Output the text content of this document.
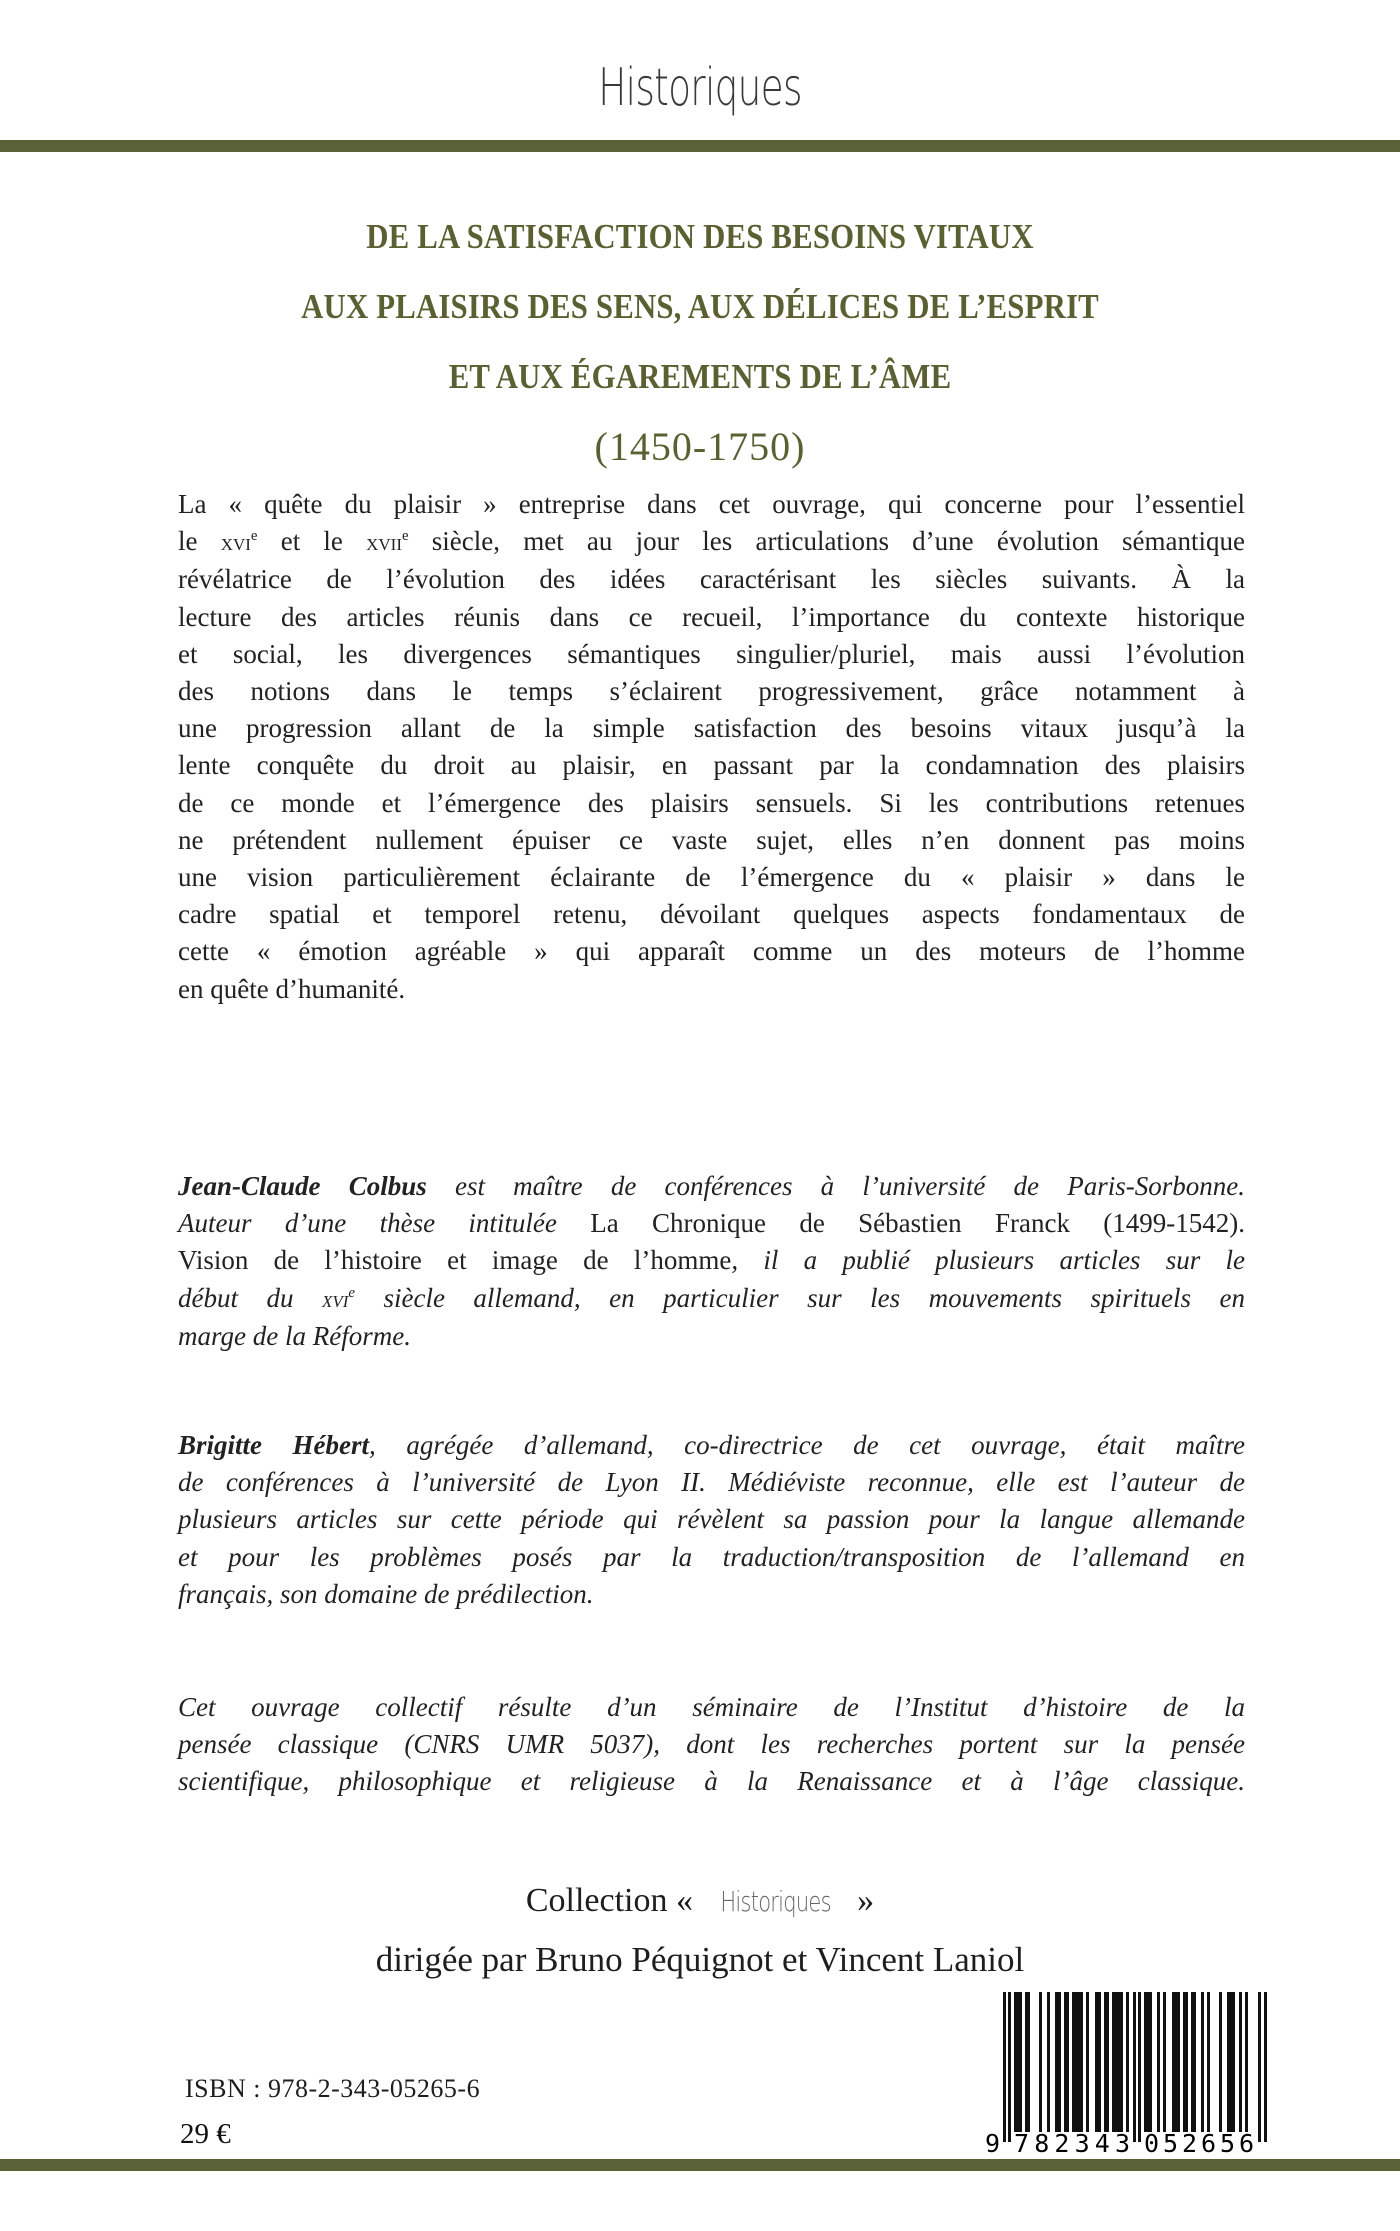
Historiques
DE LA SATISFACTION DES BESOINS VITAUX
AUX PLAISIRS DES SENS, AUX DÉLICES DE L’ESPRIT
ET AUX ÉGAREMENTS DE L’ÂME
(1450-1750)
La « quête du plaisir » entreprise dans cet ouvrage, qui concerne pour l’essentiel
le xvi$^e$ et le xvii$^e$ siècle, met au jour les articulations d’une évolution sémantique
révélatrice de l’évolution des idées caractérisant les siècles suivants. À la
lecture des articles réunis dans ce recueil, l’importance du contexte historique
et social, les divergences sémantiques singulier/pluriel, mais aussi l’évolution
des notions dans le temps s’éclairent progressivement, grâce notamment à
une progression allant de la simple satisfaction des besoins vitaux jusqu’à la
lente conquête du droit au plaisir, en passant par la condamnation des plaisirs
de ce monde et l’émergence des plaisirs sensuels. Si les contributions retenues
ne prétendent nullement épuiser ce vaste sujet, elles n’en donnent pas moins
une vision particulièrement éclairante de l’émergence du « plaisir » dans le
cadre spatial et temporel retenu, dévoilant quelques aspects fondamentaux de
cette « émotion agréable » qui apparaît comme un des moteurs de l’homme
en quête d’humanité.
Jean-Claude Colbus est maître de conférences à l’université de Paris-Sorbonne.
Auteur d’une thèse intitulée La Chronique de Sébastien Franck (1499-1542).
Vision de l’histoire et image de l’homme, il a publié plusieurs articles sur le
début du xvi$^e$ siècle allemand, en particulier sur les mouvements spirituels en
marge de la Réforme.
Brigitte Hébert, agrégée d’allemand, co-directrice de cet ouvrage, était maître
de conférences à l’université de Lyon II. Médiéviste reconnue, elle est l’auteur de
plusieurs articles sur cette période qui révèlent sa passion pour la langue allemande
et pour les problèmes posés par la traduction/transposition de l’allemand en
français, son domaine de prédilection.
Cet ouvrage collectif résulte d’un séminaire de l’Institut d’histoire de la
pensée classique (CNRS UMR 5037), dont les recherches portent sur la pensée
scientifique, philosophique et religieuse à la Renaissance et à l’âge classique.
Collection « Historiques »
dirigée par Bruno Péquignot et Vincent Laniol
ISBN : 978-2-343-05265-6
29 €	9 782343 052656
